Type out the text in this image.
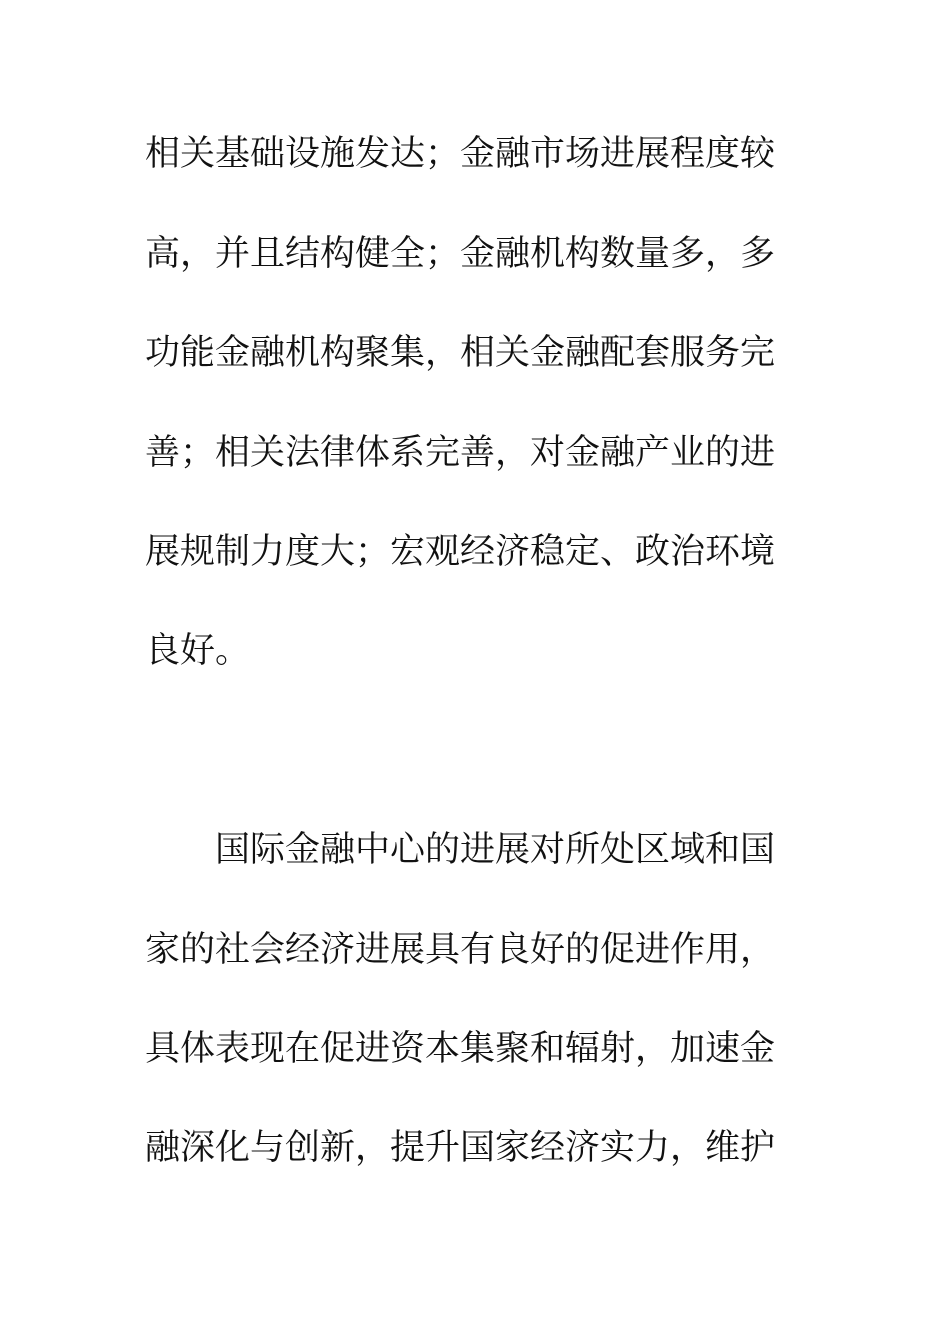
相关基础设施发达；金融市场进展程度较
高，并且结构健全；金融机构数量多，多
功能金融机构聚集，相关金融配套服务完
善；相关法律体系完善，对金融产业的进
展规制力度大；宏观经济稳定、政治环境
良好。
国际金融中心的进展对所处区域和国
家的社会经济进展具有良好的促进作用，
具体表现在促进资本集聚和辐射，加速金
融深化与创新，提升国家经济实力，维护
